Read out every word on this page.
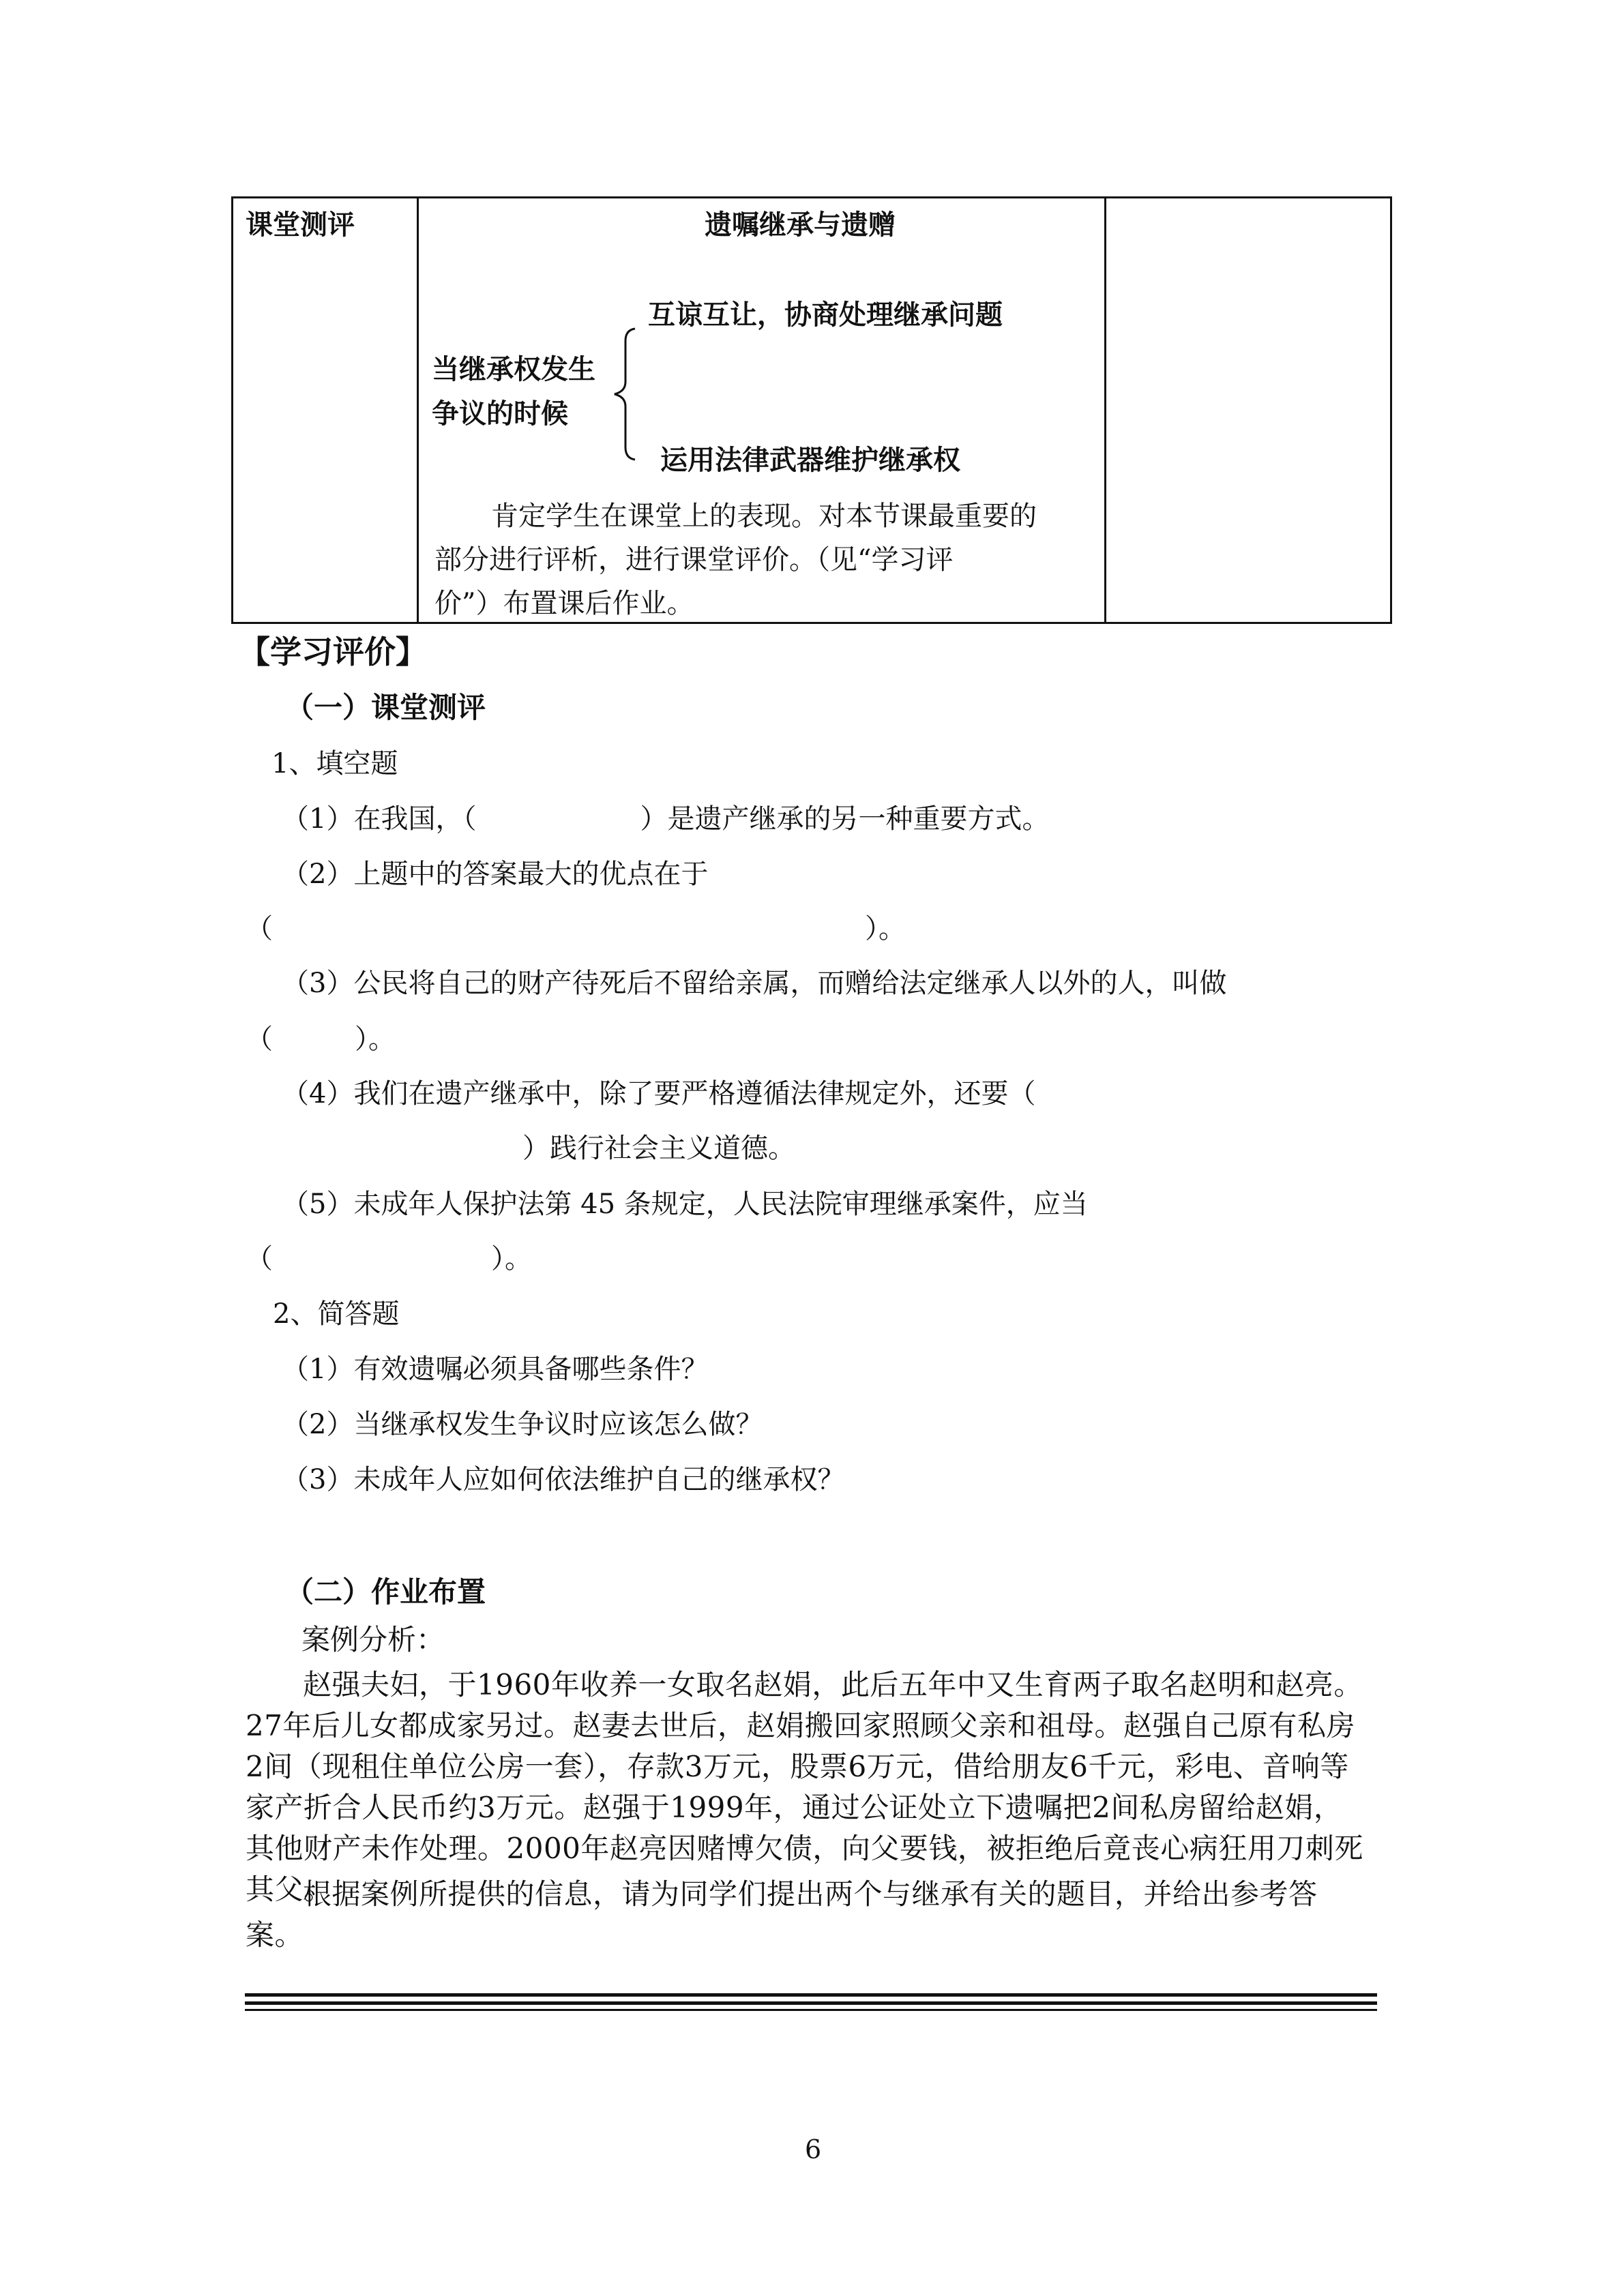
课堂测评	遗嘱继承与遗赠
互谅互让，协商处理继承问题
当继承权发生
争议的时候
运用法律武器维护继承权
肯定学生在课堂上的表现。对本节课最重要的
部分进行评析，进行课堂评价。（见“学习评
价”）布置课后作业。
【学习评价】
（一）课堂测评
1、填空题
（1）在我国，（　　　　　　）是遗产继承的另一种重要方式。
（2）上题中的答案最大的优点在于
（	）。
（3）公民将自己的财产待死后不留给亲属，而赠给法定继承人以外的人，叫做
（　　　）。
（4）我们在遗产继承中，除了要严格遵循法律规定外，还要（
）践行社会主义道德。
（5）未成年人保护法第 45 条规定，人民法院审理继承案件，应当
（　　　　　　　　）。
2、简答题
（1）有效遗嘱必须具备哪些条件？
（2）当继承权发生争议时应该怎么做？
（3）未成年人应如何依法维护自己的继承权？
（二）作业布置
案例分析：

赵强夫妇，于1960年收养一女取名赵娟，此后五年中又生育两子取名赵明和赵亮。27年后儿女都成家另过。赵妻去世后，赵娟搬回家照顾父亲和祖母。赵强自己原有私房2间（现租住单位公房一套），存款3万元，股票6万元，借给朋友6千元，彩电、音响等家产折合人民币约3万元。赵强于1999年，通过公证处立下遗嘱把2间私房留给赵娟，其他财产未作处理。2000年赵亮因赌博欠债，向父要钱，被拒绝后竟丧心病狂用刀刺死其父。

根据案例所提供的信息，请为同学们提出两个与继承有关的题目，并给出参考答案。

6
